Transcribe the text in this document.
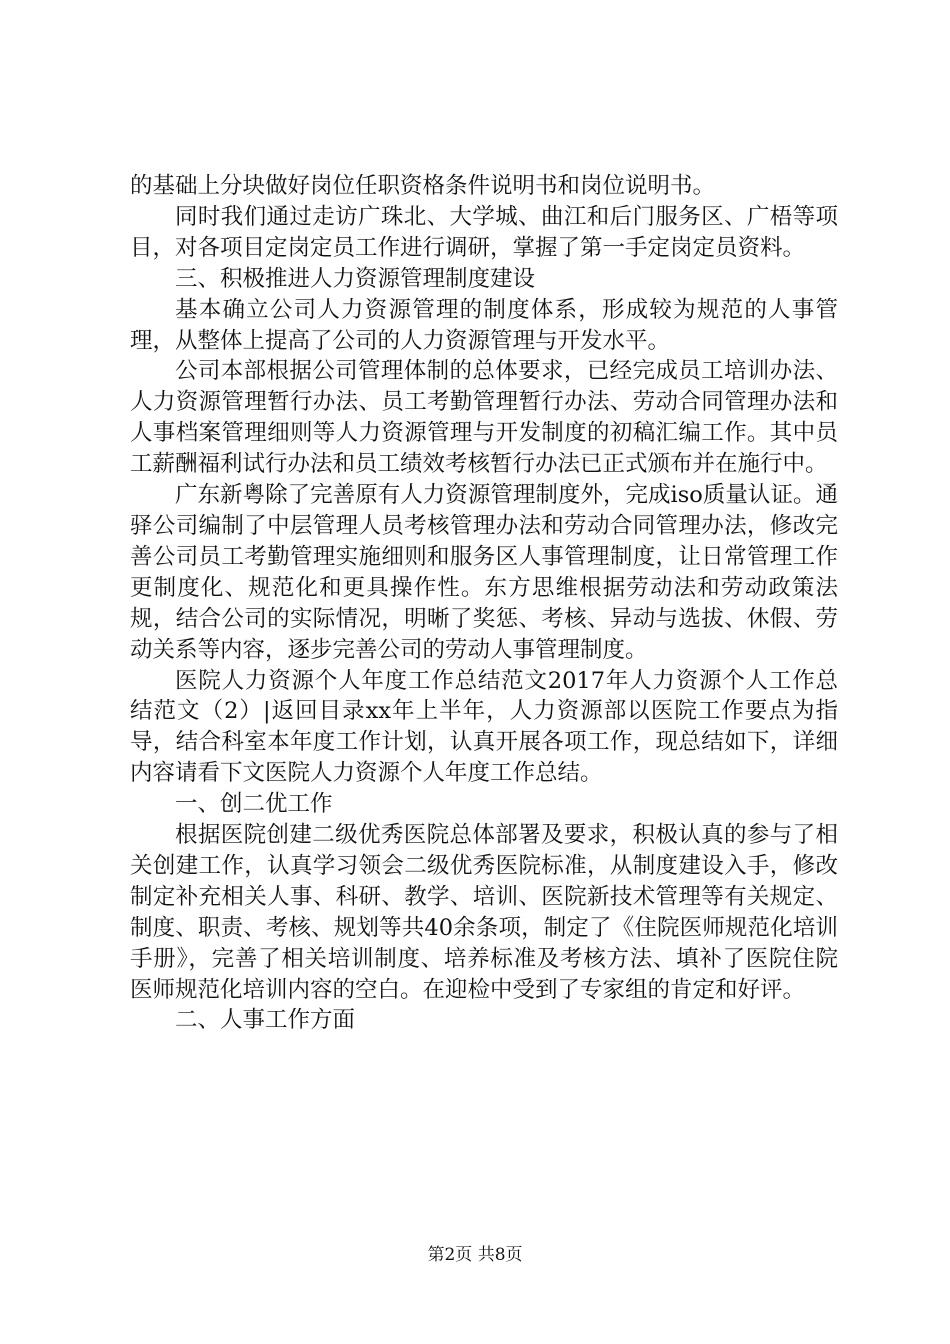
的基础上分块做好岗位任职资格条件说明书和岗位说明书。

同时我们通过走访广珠北、大学城、曲江和后门服务区、广梧等项目，对各项目定岗定员工作进行调研，掌握了第一手定岗定员资料。

三、积极推进人力资源管理制度建设

基本确立公司人力资源管理的制度体系，形成较为规范的人事管理，从整体上提高了公司的人力资源管理与开发水平。

公司本部根据公司管理体制的总体要求，已经完成员工培训办法、人力资源管理暂行办法、员工考勤管理暂行办法、劳动合同管理办法和人事档案管理细则等人力资源管理与开发制度的初稿汇编工作。其中员工薪酬福利试行办法和员工绩效考核暂行办法已正式颁布并在施行中。

广东新粤除了完善原有人力资源管理制度外，完成iso质量认证。通驿公司编制了中层管理人员考核管理办法和劳动合同管理办法，修改完善公司员工考勤管理实施细则和服务区人事管理制度，让日常管理工作更制度化、规范化和更具操作性。东方思维根据劳动法和劳动政策法规，结合公司的实际情况，明晰了奖惩、考核、异动与选拔、休假、劳动关系等内容，逐步完善公司的劳动人事管理制度。

医院人力资源个人年度工作总结范文2017年人力资源个人工作总结范文（2）|返回目录xx年上半年，人力资源部以医院工作要点为指导，结合科室本年度工作计划，认真开展各项工作，现总结如下，详细内容请看下文医院人力资源个人年度工作总结。

一、创二优工作

根据医院创建二级优秀医院总体部署及要求，积极认真的参与了相关创建工作，认真学习领会二级优秀医院标准，从制度建设入手，修改制定补充相关人事、科研、教学、培训、医院新技术管理等有关规定、制度、职责、考核、规划等共40余条项，制定了《住院医师规范化培训手册》，完善了相关培训制度、培养标准及考核方法、填补了医院住院医师规范化培训内容的空白。在迎检中受到了专家组的肯定和好评。

二、人事工作方面

第2页 共8页
